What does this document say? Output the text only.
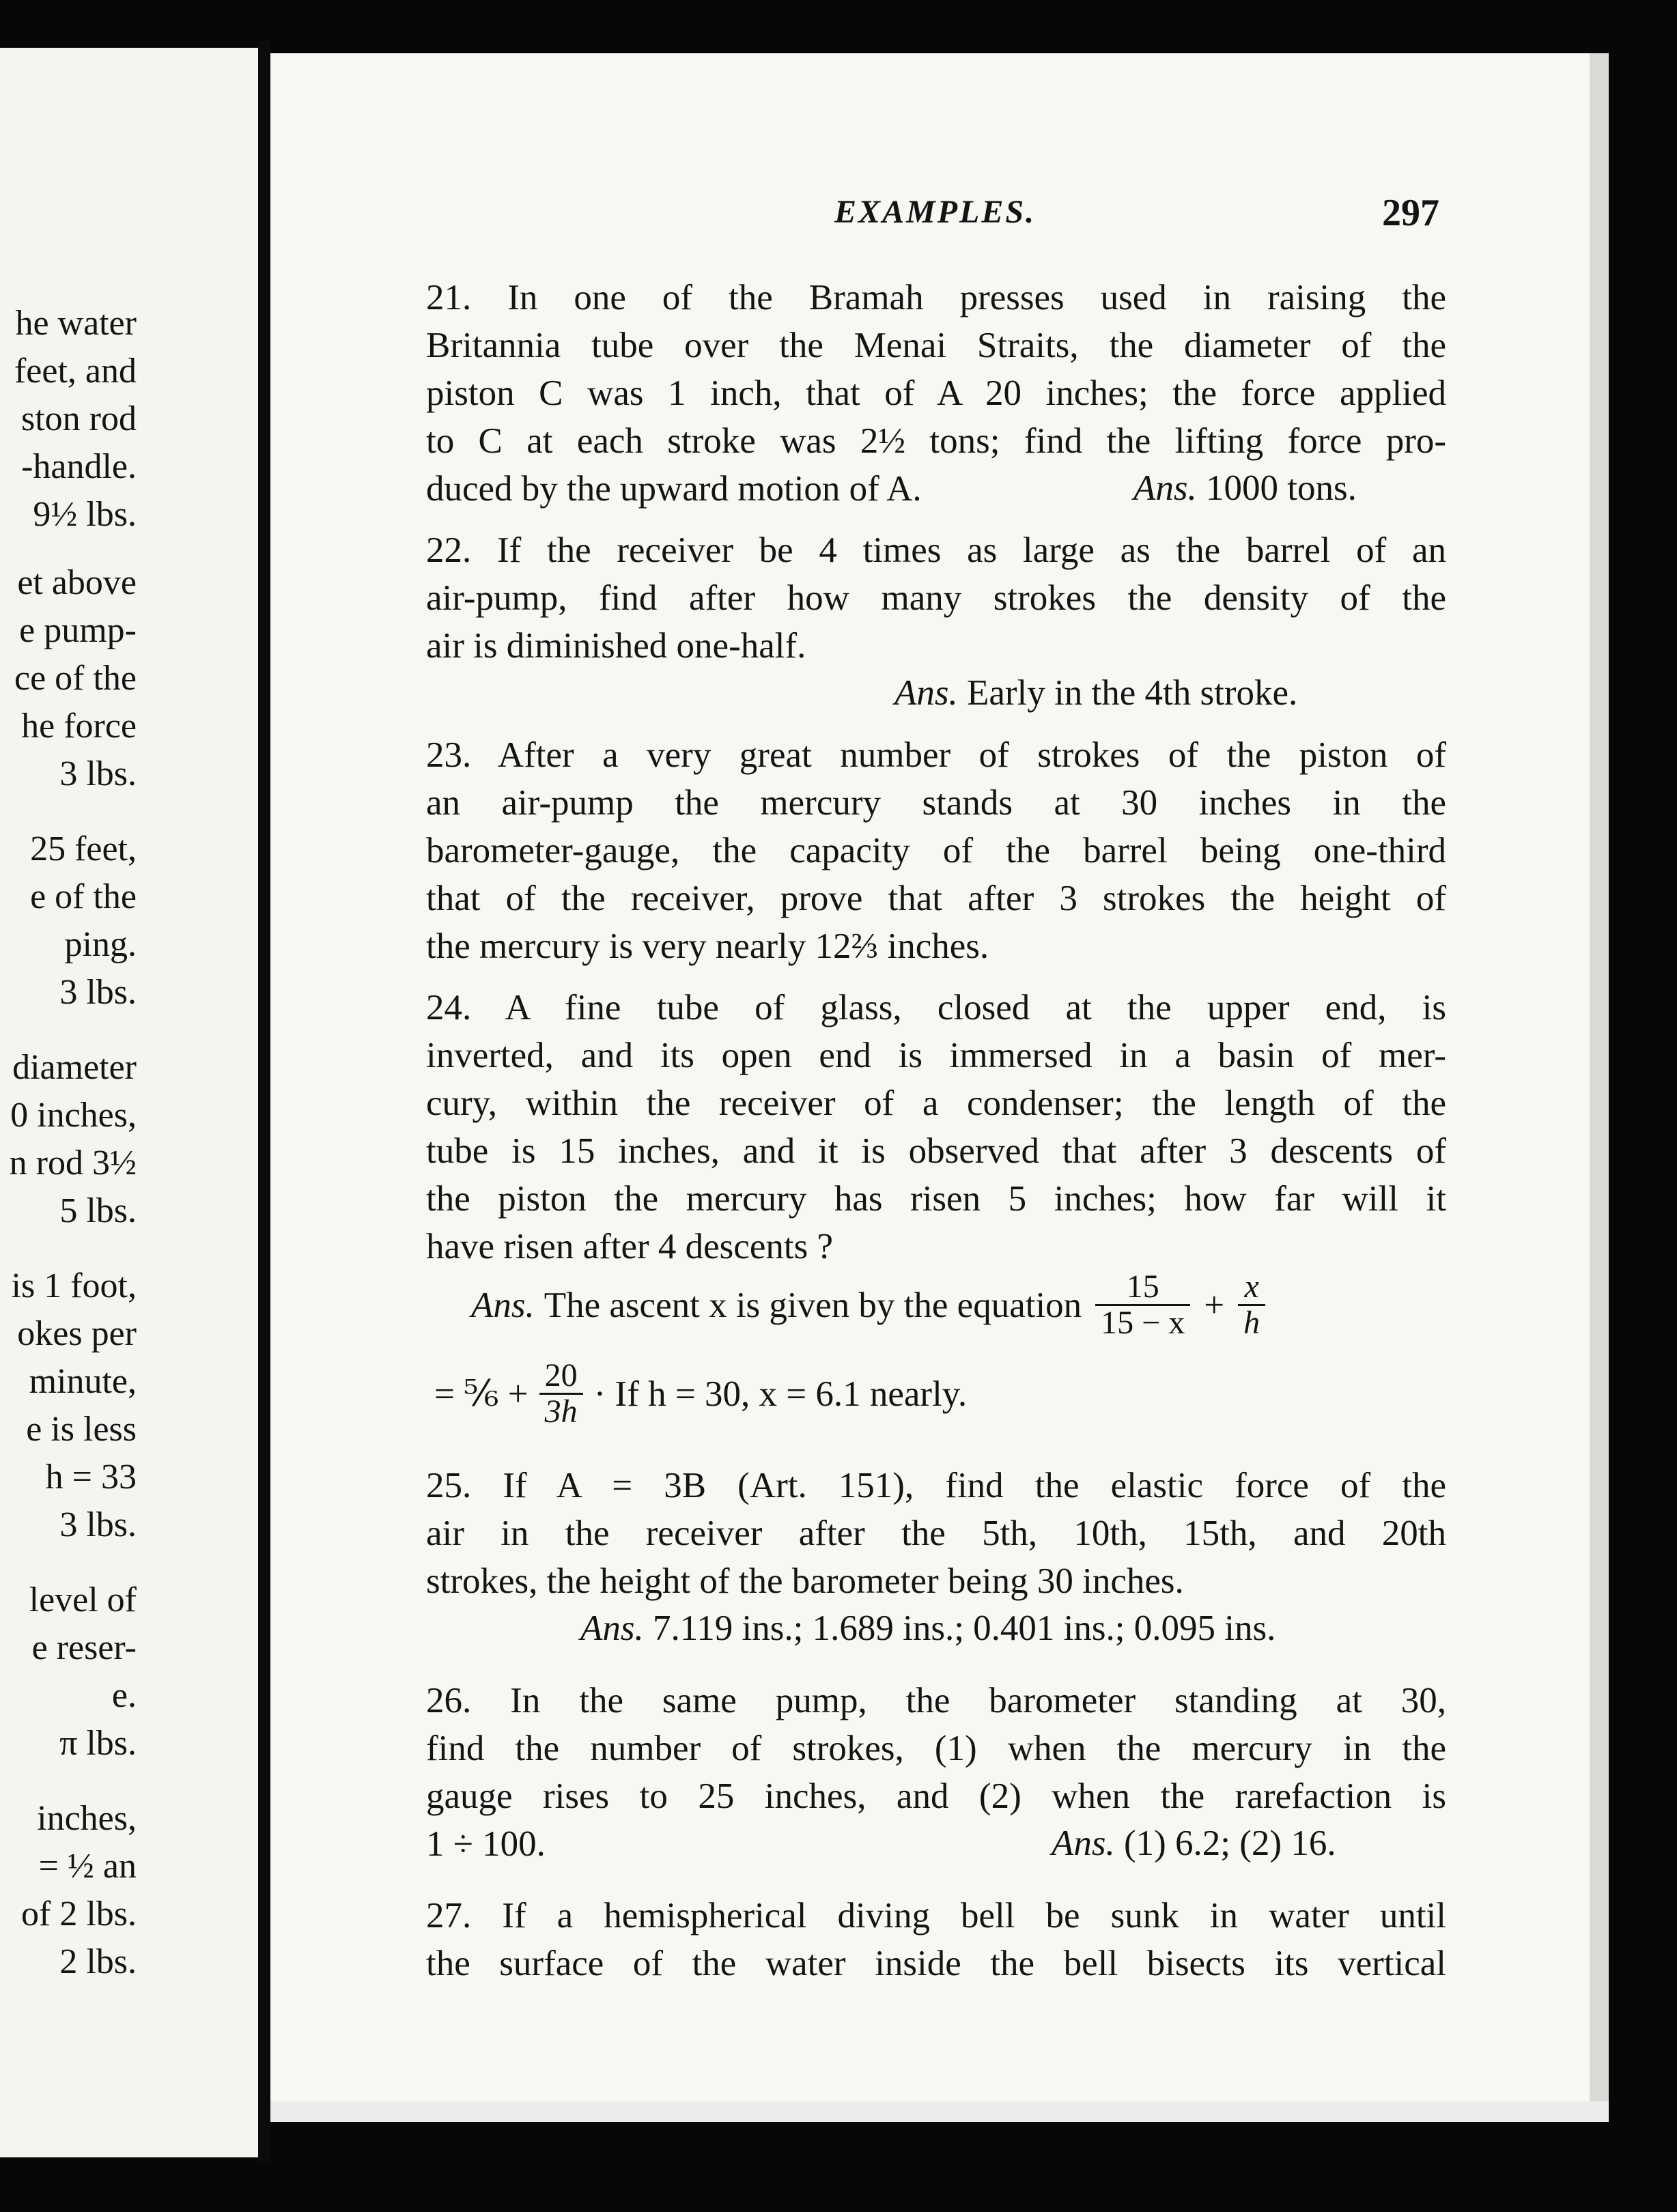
he water
feet, and
ston rod
-handle.
9½ lbs.
et above
e pump-
ce of the
he force
3 lbs.
25 feet,
e of the
ping.
3 lbs.
diameter
0 inches,
n rod 3½
5 lbs.
is 1 foot,
okes per
minute,
e is less
h = 33
3 lbs.
level of
e reser-
e.
π lbs.
inches,
= ½ an
of 2 lbs.
2 lbs.
EXAMPLES.	297
21. In one of the Bramah presses used in raising the
Britannia tube over the Menai Straits, the diameter of the
piston C was 1 inch, that of A 20 inches; the force applied
to C at each stroke was 2½ tons; find the lifting force pro-
duced by the upward motion of A.	Ans. 1000 tons.
22. If the receiver be 4 times as large as the barrel of an
air-pump, find after how many strokes the density of the
air is diminished one-half.
Ans. Early in the 4th stroke.
23. After a very great number of strokes of the piston of
an air-pump the mercury stands at 30 inches in the
barometer-gauge, the capacity of the barrel being one-third
that of the receiver, prove that after 3 strokes the height of
the mercury is very nearly 12⅔ inches.
24. A fine tube of glass, closed at the upper end, is
inverted, and its open end is immersed in a basin of mer-
cury, within the receiver of a condenser; the length of the
tube is 15 inches, and it is observed that after 3 descents of
the piston the mercury has risen 5 inches; how far will it
have risen after 4 descents ?
Ans. The ascent x is given by the equation $\frac{15}{15 - x} + \frac{x}{h}$
= ⅚ + $\frac{20}{3h} \cdot If$ h = 30, x = 6.1 nearly.
25. If A = 3B (Art. 151), find the elastic force of the
air in the receiver after the 5th, 10th, 15th, and 20th
strokes, the height of the barometer being 30 inches.
Ans. 7.119 ins.; 1.689 ins.; 0.401 ins.; 0.095 ins.
26. In the same pump, the barometer standing at 30,
find the number of strokes, (1) when the mercury in the
gauge rises to 25 inches, and (2) when the rarefaction is
1 ÷ 100.	Ans. (1) 6.2; (2) 16.
27. If a hemispherical diving bell be sunk in water until
the surface of the water inside the bell bisects its vertical
